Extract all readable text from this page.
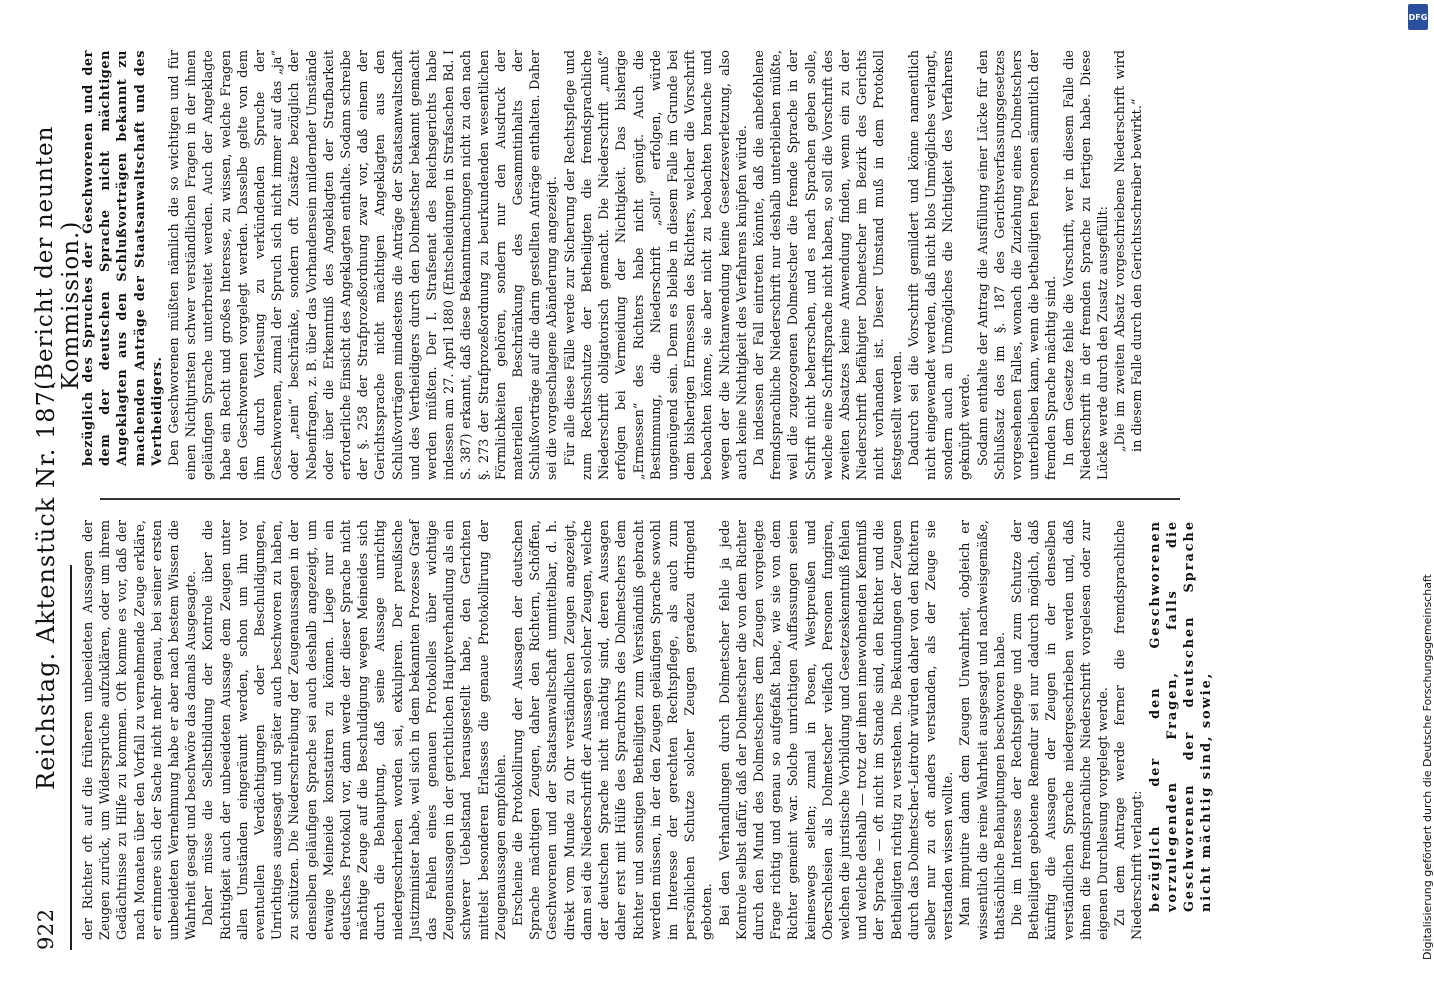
922
Reichstag. Aktenstück Nr. 187.
(Bericht der neunten Kommission.)

der Richter oft auf die früheren unbeeideten Aussagen der Zeugen zurück, um Widersprüche aufzuklären, oder um ihrem Gedächtnisse zu Hilfe zu kommen. Oft komme es vor, daß der nach Monaten über den Vorfall zu vernehmende Zeuge erkläre, er erinnere sich der Sache nicht mehr genau, bei seiner ersten unbeeideten Vernehmung habe er aber nach bestem Wissen die Wahrheit gesagt und beschwöre das damals Ausgesagte. Daher müsse die Selbstbildung der Kontrole über die Richtigkeit auch der unbeeideten Aussage dem Zeugen unter allen Umständen eingeräumt werden, schon um ihn vor eventuellen Verdächtigungen oder Beschuldigungen, Unrichtiges ausgesagt und später auch beschworen zu haben, zu schützen. Die Niederschreibung der Zeugenaussagen in der denselben geläufigen Sprache sei auch deshalb angezeigt, um etwaige Meineide konstatiren zu können. Liege nur ein deutsches Protokoll vor, dann werde der dieser Sprache nicht mächtige Zeuge auf die Beschuldigung wegen Meineides sich durch die Behauptung, daß seine Aussage unrichtig niedergeschrieben worden sei, exkulpiren. Der preußische Justizminister habe, weil sich in dem bekannten Prozesse Graef das Fehlen eines genauen Protokolles über wichtige Zeugenaussagen in der gerichtlichen Hauptverhandlung als ein schwerer Uebelstand herausgestellt habe, den Gerichten mittelst besonderen Erlasses die genaue Protokollirung der Zeugenaussagen empfohlen. Erscheine die Protokollirung der Aussagen der deutschen Sprache mächtigen Zeugen, daher den Richtern, Schöffen, Geschworenen und der Staatsanwaltschaft unmittelbar, d. h. direkt vom Munde zu Ohr verständlichen Zeugen angezeigt, dann sei die Niederschrift der Aussagen solcher Zeugen, welche der deutschen Sprache nicht mächtig sind, deren Aussagen daher erst mit Hülfe des Sprachrohrs des Dolmetschers dem Richter und sonstigen Betheiligten zum Verständniß gebracht werden müssen, in der den Zeugen geläufigen Sprache sowohl im Interesse der gerechten Rechtspflege, als auch zum persönlichen Schutze solcher Zeugen geradezu dringend geboten. Bei den Verhandlungen durch Dolmetscher fehle ja jede Kontrole selbst dafür, daß der Dolmetscher die von dem Richter durch den Mund des Dolmetschers dem Zeugen vorgelegte Frage richtig und genau so aufgefaßt habe, wie sie von dem Richter gemeint war. Solche unrichtigen Auffassungen seien keineswegs selten; zumal in Posen, Westpreußen und Oberschlesien als Dolmetscher vielfach Personen fungiren, welchen die juristische Vorbildung und Gesetzeskenntniß fehlen und welche deshalb — trotz der ihnen innewohnenden Kenntniß der Sprache — oft nicht im Stande sind, den Richter und die Betheiligten richtig zu verstehen. Die Bekundungen der Zeugen durch das Dolmetscher-Leitrohr würden daher von den Richtern selber nur zu oft anders verstanden, als der Zeuge sie verstanden wissen wollte. Man imputire dann dem Zeugen Unwahrheit, obgleich er wissentlich die reine Wahrheit ausgesagt und nachweisgemäße, thatsächliche Behauptungen beschworen habe. Die im Interesse der Rechtspflege und zum Schutze der Betheiligten gebotene Remedur sei nur dadurch möglich, daß künftig die Aussagen der Zeugen in der denselben verständlichen Sprache niedergeschrieben werden und, daß ihnen die fremdsprachliche Niederschrift vorgelesen oder zur eigenen Durchlesung vorgelegt werde. Zu dem Antrage werde ferner die fremdsprachliche Niederschrift verlangt: bezüglich der den Geschworenen vorzulegenden Fragen, falls die Geschworenen der deutschen Sprache nicht mächtig sind, sowie,

bezüglich des Spruches der Geschworenen und der dem der deutschen Sprache nicht mächtigen Angeklagten aus den Schlußvorträgen bekannt zu machenden Anträge der Staatsanwaltschaft und des Vertheidigers. Den Geschworenen müßten nämlich die so wichtigen und für einen Nichtjuristen schwer verständlichen Fragen in der ihnen geläufigen Sprache unterbreitet werden. Auch der Angeklagte habe ein Recht und großes Interesse, zu wissen, welche Fragen den Geschworenen vorgelegt werden. Dasselbe gelte von dem ihm durch Vorlesung zu verkündenden Spruche der Geschworenen, zumal der Spruch sich nicht immer auf das „ja“ oder „nein“ beschränke, sondern oft Zusätze bezüglich der Nebenfragen, z. B. über das Vorhandensein mildernder Umstände oder über die Erkenntniß des Angeklagten der Strafbarkeit erforderliche Einsicht des Angeklagten enthalte. Sodann schreibe der §. 258 der Strafprozeßordnung zwar vor, daß einem der Gerichtssprache nicht mächtigen Angeklagten aus den Schlußvorträgen mindestens die Anträge der Staatsanwaltschaft und des Vertheidigers durch den Dolmetscher bekannt gemacht werden müßten. Der I. Strafsenat des Reichsgerichts habe indessen am 27. April 1880 (Entscheidungen in Strafsachen Bd. I S. 387) erkannt, daß diese Bekanntmachungen nicht zu den nach §. 273 der Strafprozeßordnung zu beurkundenden wesentlichen Förmlichkeiten gehören, sondern nur den Ausdruck der materiellen Beschränkung des Gesammtinhalts der Schlußvorträge auf die darin gestellten Anträge enthalten. Daher sei die vorgeschlagene Abänderung angezeigt. Für alle diese Fälle werde zur Sicherung der Rechtspflege und zum Rechtsschutze der Betheiligten die fremdsprachliche Niederschrift obligatorisch gemacht. Die Niederschrift „muß“ erfolgen bei Vermeidung der Nichtigkeit. Das bisherige „Ermessen“ des Richters habe nicht genügt. Auch die Bestimmung, die Niederschrift „soll“ erfolgen, würde ungenügend sein. Denn es bleibe in diesem Falle im Grunde bei dem bisherigen Ermessen des Richters, welcher die Vorschrift beobachten könne, sie aber nicht zu beobachten brauche und wegen der die Nichtanwendung keine Gesetzesverletzung, also auch keine Nichtigkeit des Verfahrens knüpfen würde. Da indessen der Fall eintreten könnte, daß die anbefohlene fremdsprachliche Niederschrift nur deshalb unterbleiben müßte, weil die zugezogenen Dolmetscher die fremde Sprache in der Schrift nicht beherrschen, und es nach Sprachen geben solle, welche eine Schriftsprache nicht haben, so soll die Vorschrift des zweiten Absatzes keine Anwendung finden, wenn ein zu der Niederschrift befähigter Dolmetscher im Bezirk des Gerichts nicht vorhanden ist. Dieser Umstand muß in dem Protokoll festgestellt werden. Dadurch sei die Vorschrift gemildert und könne namentlich nicht eingewendet werden, daß nicht blos Unmögliches verlangt, sondern auch an Unmögliches die Nichtigkeit des Verfahrens geknüpft werde. Sodann enthalte der Antrag die Ausfüllung einer Lücke für den Schlußsatz des im §. 187 des Gerichtsverfassungsgesetzes vorgesehenen Falles, wonach die Zuziehung eines Dolmetschers unterbleiben kann, wenn die betheiligten Personen sämmtlich der fremden Sprache mächtig sind. In dem Gesetze fehle die Vorschrift, wer in diesem Falle die Niederschrift in der fremden Sprache zu fertigen habe. Diese Lücke werde durch den Zusatz ausgefüllt: „Die im zweiten Absatz vorgeschriebene Niederschrift wird in diesem Falle durch den Gerichtsschreiber bewirkt.“

DFG
Digitalisierung gefördert durch die Deutsche Forschungsgemeinschaft
